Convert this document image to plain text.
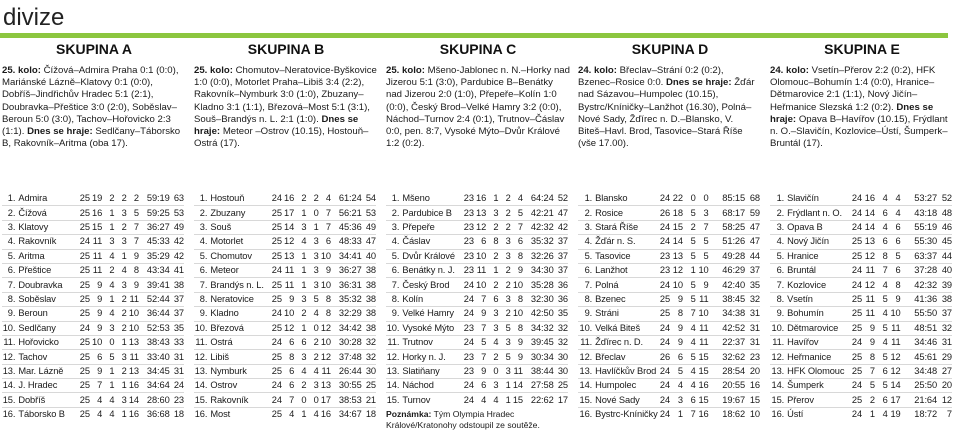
divize
SKUPINA A
25. kolo: Čížová–Admira Praha 0:1 (0:0), Mariánské Lázně–Klatovy 0:1 (0:0), Dobříš–Jindřichův Hradec 5:1 (2:1), Doubravka–Přeštice 3:0 (2:0), Soběslav–Beroun 5:0 (3:0), Tachov–Hořovicko 2:3 (1:1). Dnes se hraje: Sedlčany–Táborsko B, Rakovník–Aritma (oba 17).
1.	Admira	25	19	2	2	2	59:19	63
2.	Čížová	25	16	1	3	5	59:25	53
3.	Klatovy	25	15	1	2	7	36:27	49
4.	Rakovník	24	11	3	3	7	45:33	42
5.	Aritma	25	11	4	1	9	35:29	42
6.	Přeštice	25	11	2	4	8	43:34	41
7.	Doubravka	25	9	4	3	9	39:41	38
8.	Soběslav	25	9	1	2	11	52:44	37
9.	Beroun	25	9	4	2	10	36:44	37
10.	Sedlčany	24	9	3	2	10	52:53	35
11.	Hořovicko	25	10	0	1	13	38:43	33
12.	Tachov	25	6	5	3	11	33:40	31
13.	Mar. Lázně	25	9	1	2	13	34:45	31
14.	J. Hradec	25	7	1	1	16	34:64	24
15.	Dobříš	25	4	4	3	14	28:60	23
16.	Táborsko B	25	4	4	1	16	36:68	18
SKUPINA B
25. kolo: Chomutov–Neratovice-Byškovice 1:0 (0:0), Motorlet Praha–Libiš 3:4 (2:2), Rakovník–Nymburk 3:0 (1:0), Zbuzany–Kladno 3:1 (1:1), Březová–Most 5:1 (3:1), Souš–Brandýs n. L. 2:1 (1:0). Dnes se hraje: Meteor –Ostrov (10.15), Hostouň–Ostrá (17).
1.	Hostouň	24	16	2	2	4	61:24	54
2.	Zbuzany	25	17	1	0	7	56:21	53
3.	Souš	25	14	3	1	7	45:36	49
4.	Motorlet	25	12	4	3	6	48:33	47
5.	Chomutov	25	13	1	3	10	34:41	40
6.	Meteor	24	11	1	3	9	36:27	38
7.	Brandýs n. L.	25	11	1	3	10	36:31	38
8.	Neratovice	25	9	3	5	8	35:32	38
9.	Kladno	24	10	2	4	8	32:29	38
10.	Březová	25	12	1	0	12	34:42	38
11.	Ostrá	24	6	6	2	10	30:28	32
12.	Libiš	25	8	3	2	12	37:48	32
13.	Nymburk	25	6	4	4	11	26:44	30
14.	Ostrov	24	6	2	3	13	30:55	25
15.	Rakovník	24	7	0	0	17	38:53	21
16.	Most	25	4	1	4	16	34:67	18
SKUPINA C
25. kolo: Mšeno-Jablonec n. N.–Horky nad Jizerou 5:1 (3:0), Pardubice B–Benátky nad Jizerou 2:0 (1:0), Přepeře–Kolín 1:0 (0:0), Český Brod–Velké Hamry 3:2 (0:0), Náchod–Turnov 2:4 (0:1), Trutnov–Čáslav 0:0, pen. 8:7, Vysoké Mýto–Dvůr Králové 1:2 (0:2).
1.	Mšeno	23	16	1	2	4	64:24	52
2.	Pardubice B	23	13	3	2	5	42:21	47
3.	Přepeře	23	12	2	2	7	42:32	42
4.	Čáslav	23	6	8	3	6	35:32	37
5.	Dvůr Králové	23	10	2	3	8	32:26	37
6.	Benátky n. J.	23	11	1	2	9	34:30	37
7.	Český Brod	24	10	2	2	10	35:28	36
8.	Kolín	24	7	6	3	8	32:30	36
9.	Velké Hamry	24	9	3	2	10	42:50	35
10.	Vysoké Mýto	23	7	3	5	8	34:32	32
11.	Trutnov	24	5	4	3	9	39:45	32
12.	Horky n. J.	23	7	2	5	9	30:34	30
13.	Slatiňany	23	9	0	3	11	38:44	30
14.	Náchod	24	6	3	1	14	27:58	25
15.	Turnov	24	4	4	1	15	22:62	17
Poznámka: Tým Olympia Hradec Králové/Kratonohy odstoupil ze soutěže.
SKUPINA D
24. kolo: Břeclav–Strání 0:2 (0:2), Bzenec–Rosice 0:0. Dnes se hraje: Žďár nad Sázavou–Humpolec (10.15), Bystrc/Kníničky–Lanžhot (16.30), Polná–Nové Sady, Žďírec n. D.–Blansko, V. Biteš–Havl. Brod, Tasovice–Stará Říše (vše 17.00).
1.	Blansko	24	22	0	0		85:15	68
2.	Rosice	26	18	5	3		68:17	59
3.	Stará Říše	24	15	2	7		58:25	47
4.	Žďár n. S.	24	14	5	5		51:26	47
5.	Tasovice	23	13	5	5		49:28	44
6.	Lanžhot	23	12	1	10		46:29	37
7.	Polná	24	10	5	9		42:40	35
8.	Bzenec	25	9	5	11		38:45	32
9.	Stráni	25	8	7	10		34:38	31
10.	Velká Biteš	24	9	4	11		42:52	31
11.	Žďírec n. D.	24	9	4	11		22:37	31
12.	Břeclav	26	6	5	15		32:62	23
13.	Havlíčkův Brod	24	5	4	15		28:54	20
14.	Humpolec	24	4	4	16		20:55	16
15.	Nové Sady	24	3	6	15		19:67	15
16.	Bystrc-Kníničky	24	1	7	16		18:62	10
SKUPINA E
24. kolo: Vsetín–Přerov 2:2 (0:2), HFK Olomouc–Bohumín 1:4 (0:0), Hranice–Dětmarovice 2:1 (1:1), Nový Jičín–Heřmanice Slezská 1:2 (0:2). Dnes se hraje: Opava B–Havířov (10.15), Frýdlant n. O.–Slavičín, Kozlovice–Ústí, Šumperk–Bruntál (17).
1.	Slavičín	24	16	4	4		53:27	52
2.	Frýdlant n. O.	24	14	6	4		43:18	48
3.	Opava B	24	14	4	6		55:19	46
4.	Nový Jičín	25	13	6	6		55:30	45
5.	Hranice	25	12	8	5		63:37	44
6.	Bruntál	24	11	7	6		37:28	40
7.	Kozlovice	24	12	4	8		42:32	39
8.	Vsetín	25	11	5	9		41:36	38
9.	Bohumín	25	11	4	10		55:50	37
10.	Dětmarovice	25	9	5	11		48:51	32
11.	Havířov	24	9	4	11		34:46	31
12.	Heřmanice	25	8	5	12		45:61	29
13.	HFK Olomouc	25	7	6	12		34:48	27
14.	Šumperk	24	5	5	14		25:50	20
15.	Přerov	25	2	6	17		21:64	12
16.	Ústí	24	1	4	19		18:72	7
